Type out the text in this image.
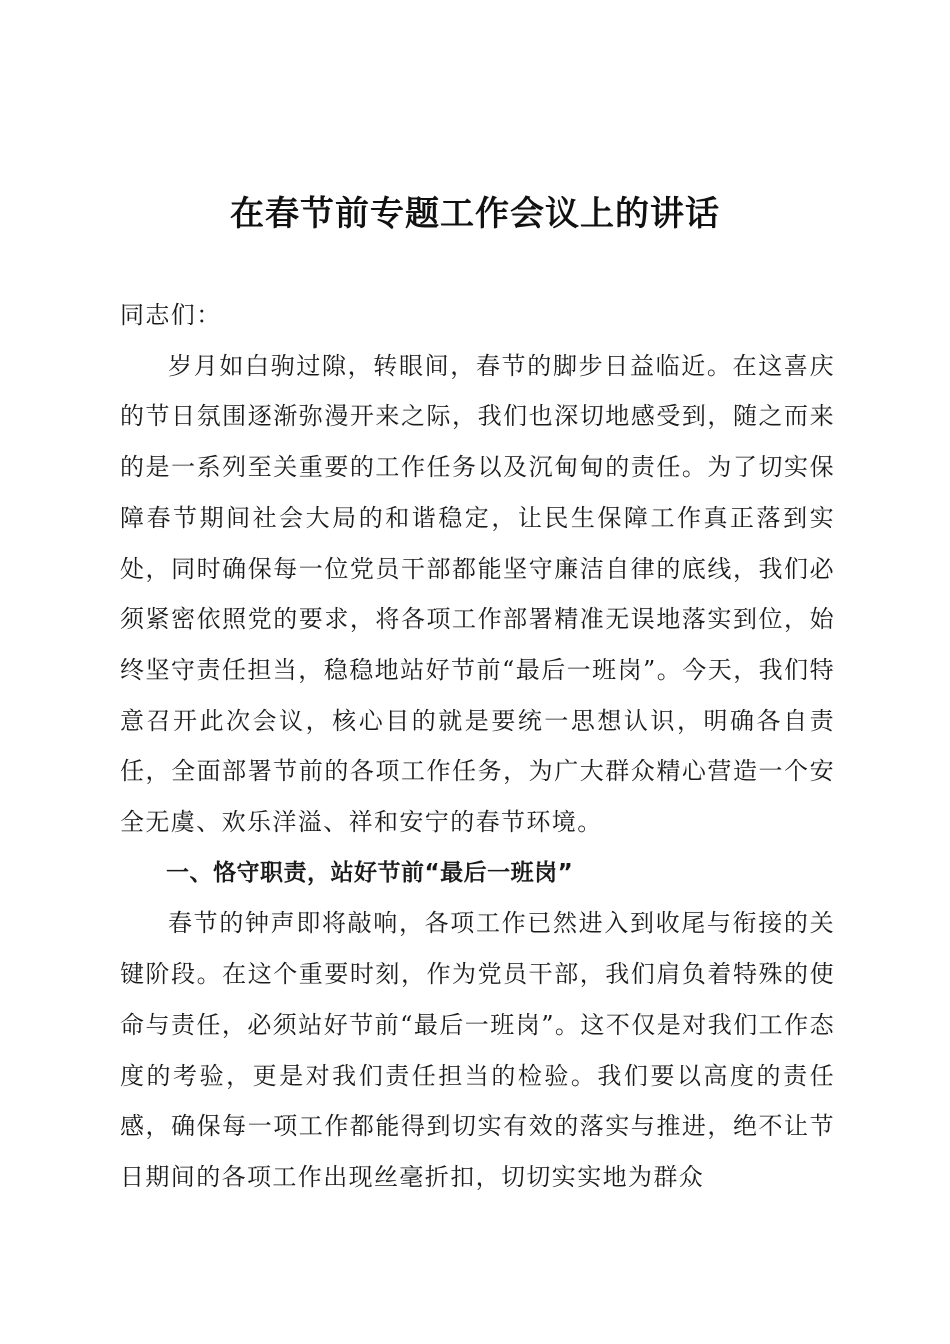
在春节前专题工作会议上的讲话

同志们：

岁月如白驹过隙，转眼间，春节的脚步日益临近。在这喜庆的节日氛围逐渐弥漫开来之际，我们也深切地感受到，随之而来的是一系列至关重要的工作任务以及沉甸甸的责任。为了切实保障春节期间社会大局的和谐稳定，让民生保障工作真正落到实处，同时确保每一位党员干部都能坚守廉洁自律的底线，我们必须紧密依照党的要求，将各项工作部署精准无误地落实到位，始终坚守责任担当，稳稳地站好节前“最后一班岗”。今天，我们特意召开此次会议，核心目的就是要统一思想认识，明确各自责任，全面部署节前的各项工作任务，为广大群众精心营造一个安全无虞、欢乐洋溢、祥和安宁的春节环境。

一、恪守职责，站好节前“最后一班岗”

春节的钟声即将敲响，各项工作已然进入到收尾与衔接的关键阶段。在这个重要时刻，作为党员干部，我们肩负着特殊的使命与责任，必须站好节前“最后一班岗”。这不仅是对我们工作态度的考验，更是对我们责任担当的检验。我们要以高度的责任感，确保每一项工作都能得到切实有效的落实与推进，绝不让节日期间的各项工作出现丝毫折扣，切切实实地为群众
